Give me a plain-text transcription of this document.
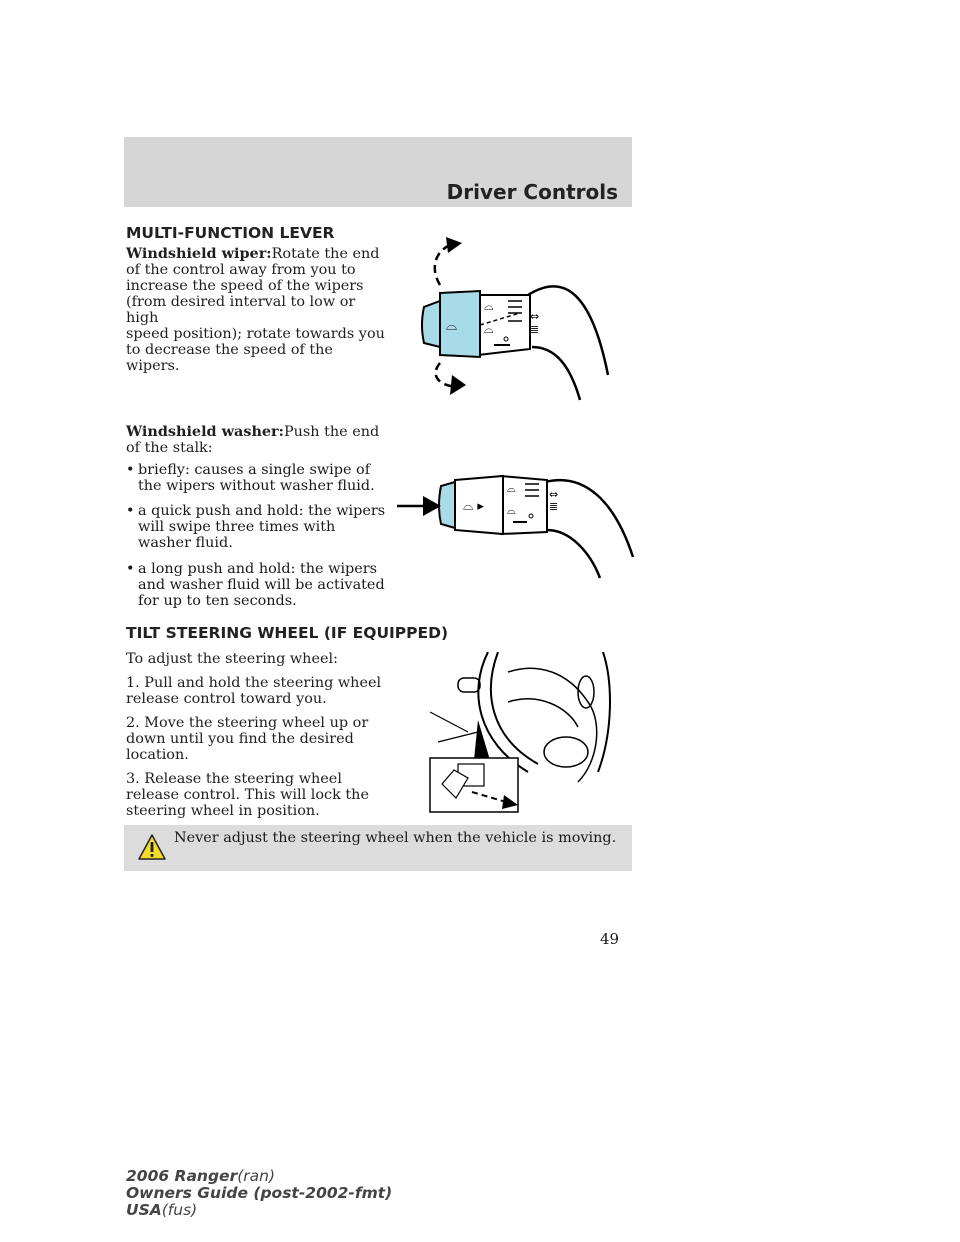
Driver Controls
MULTI-FUNCTION LEVER

Windshield wiper:Rotate the end

of the control away from you to

increase the speed of the wipers

(from desired interval to low or high

speed position); rotate towards you

to decrease the speed of the wipers.

Windshield washer:Push the end

of the stalk:

• briefly: causes a single swipe of
the wipers without washer fluid.
• a quick push and hold: the wipers
will swipe three times with
washer fluid.
• a long push and hold: the wipers
and washer fluid will be activated
for up to ten seconds.
⌓
⌓
⌓
⇔
≣
⌓ ▸
⌓
⌓
⇔
≣
TILT STEERING WHEEL (IF EQUIPPED)
To adjust the steering wheel:

1. Pull and hold the steering wheel

release control toward you.

2. Move the steering wheel up or

down until you find the desired

location.

3. Release the steering wheel

release control. This will lock the

steering wheel in position.

Never adjust the steering wheel when the vehicle is moving.
49
2006 Ranger(ran)
Owners Guide (post-2002-fmt)
USA(fus)
